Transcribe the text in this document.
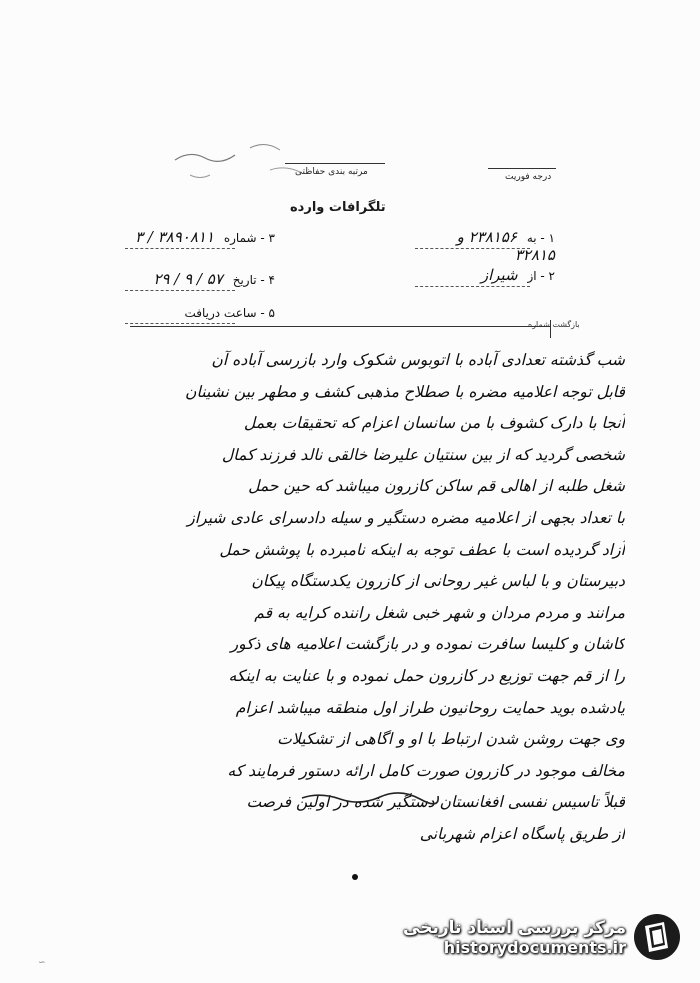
درجه فوریت
مرتبه بندی حفاظتی
تلگرافات وارده
۱ - به ۲۳۸۱۵۶ و ۳۲۸۱۵
۳ - شماره ۳۸۹۰۸۱۱ / ۳
۲ - از شیراز
۴ - تاریخ ۵۷ / ۹ / ۲۹
۵ - ساعت دریافت
بازگشت شماره
شب گذشته تعدادی آباده با اتوبوس شکوک وارد بازرسی آباده آن
قابل توجه اعلامیه مضره با صطلاح مذهبی کشف و مطهر بین نشینان
آنجا با دارک کشوف با من سانسان اعزام که تحقیقات بعمل
شخصی گردید که از بین سنتیان علیرضا خالقی نالد فرزند کمال
شغل طلبه از اهالی قم ساکن کازرون میباشد که حین حمل
با تعداد بجهی از اعلامیه مضره دستگیر و سیله دادسرای عادی شیراز
آزاد گردیده است با عطف توجه به اینکه نامبرده با پوشش حمل
دبیرستان و با لباس غیر روحانی از کازرون یکدستگاه پیکان
مرانند و مردم مردان و شهر خبی شغل راننده کرایه به قم
کاشان و کلیسا سافرت نموده و در بازگشت اعلامیه های ذکور
را از قم جهت توزیع در کازرون حمل نموده و با عنایت به اینکه
یادشده بوید حمایت روحانیون طراز اول منطقه میباشد اعزام
وی جهت روشن شدن ارتباط با او و اگاهی از تشکیلات
مخالف موجود در کازرون صورت کامل ارائه دستور فرمایند که
قبلاً تاسیس نفسی افغانستان دستگیر شده در اولین فرصت
از طریق پاسگاه اعزام شهربانی
∽
مرکز بررسی اسناد تاریخی
historydocuments.ir
